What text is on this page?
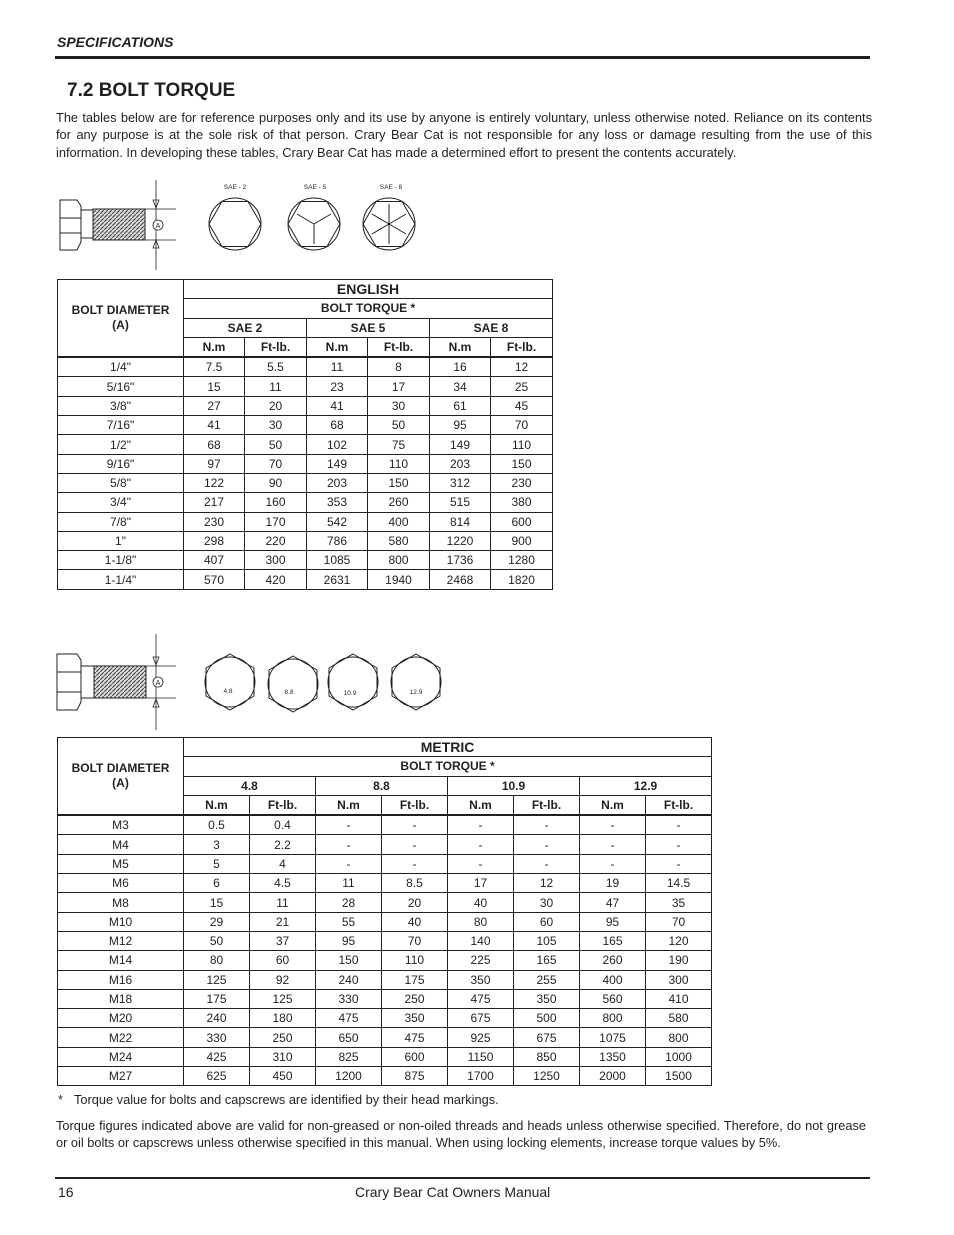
SPECIFICATIONS
7.2 BOLT TORQUE
The tables below are for reference purposes only and its use by anyone is entirely voluntary, unless otherwise noted. Reliance on its contents for any purpose is at the sole risk of that person. Crary Bear Cat is not responsible for any loss or damage resulting from the use of this information. In developing these tables, Crary Bear Cat has made a determined effort to present the contents accurately.
A
SAE - 2	SAE - 5	SAE - 8
BOLT DIAMETER
(A)	ENGLISH					
	BOLT TORQUE *					
	SAE 2		SAE 5		SAE 8	
	N.m	Ft-lb.	N.m	Ft-lb.	N.m	Ft-lb.
1/4"	7.5	5.5	11	8	16	12
5/16"	15	11	23	17	34	25
3/8"	27	20	41	30	61	45
7/16"	41	30	68	50	95	70
1/2"	68	50	102	75	149	110
9/16"	97	70	149	110	203	150
5/8"	122	90	203	150	312	230
3/4"	217	160	353	260	515	380
7/8"	230	170	542	400	814	600
1"	298	220	786	580	1220	900
1-1/8"	407	300	1085	800	1736	1280
1-1/4"	570	420	2631	1940	2468	1820
A
4.8	8.8	10.9	12.9
BOLT DIAMETER
(A)	METRIC							
	BOLT TORQUE *							
	4.8		8.8		10.9		12.9	
	N.m	Ft-lb.	N.m	Ft-lb.	N.m	Ft-lb.	N.m	Ft-lb.
M3	0.5	0.4	-	-	-	-	-	-
M4	3	2.2	-	-	-	-	-	-
M5	5	4	-	-	-	-	-	-
M6	6	4.5	11	8.5	17	12	19	14.5
M8	15	11	28	20	40	30	47	35
M10	29	21	55	40	80	60	95	70
M12	50	37	95	70	140	105	165	120
M14	80	60	150	110	225	165	260	190
M16	125	92	240	175	350	255	400	300
M18	175	125	330	250	475	350	560	410
M20	240	180	475	350	675	500	800	580
M22	330	250	650	475	925	675	1075	800
M24	425	310	825	600	1150	850	1350	1000
M27	625	450	1200	875	1700	1250	2000	1500
* Torque value for bolts and capscrews are identified by their head markings.
Torque figures indicated above are valid for non-greased or non-oiled threads and heads unless otherwise specified. Therefore, do not grease or oil bolts or capscrews unless otherwise specified in this manual. When using locking elements, increase torque values by 5%.
16	Crary Bear Cat Owners Manual
